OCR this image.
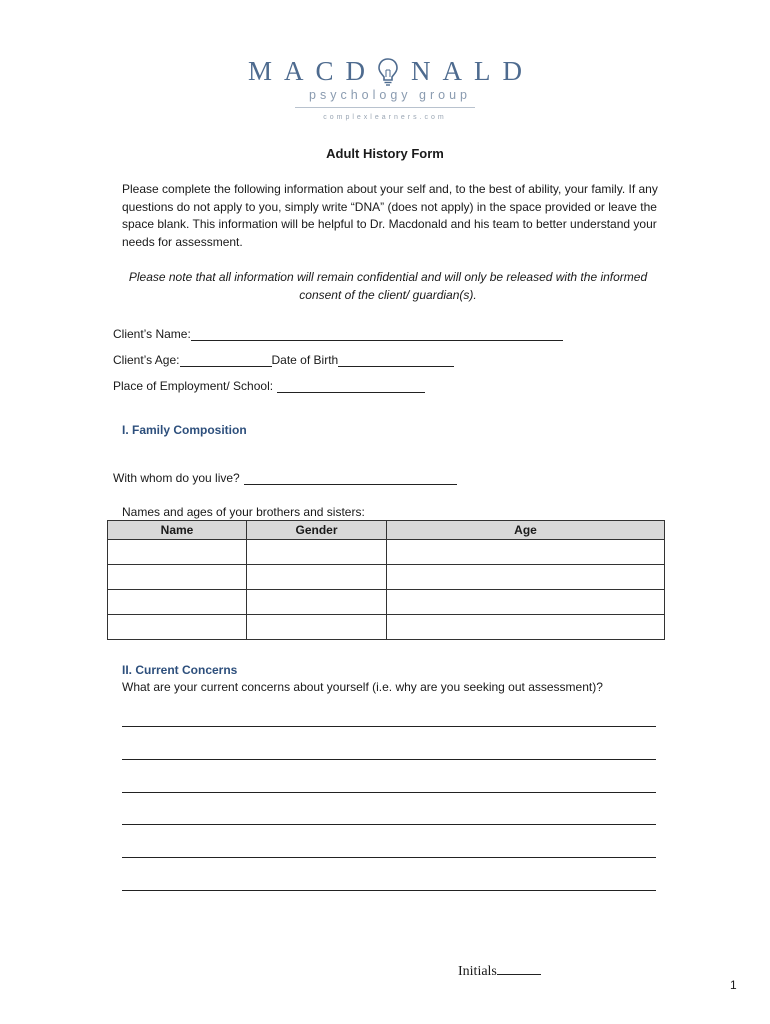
MACD NALD
psychology group
complexlearners.com
Adult History Form
Please complete the following information about your self and, to the best of ability, your family. If any questions do not apply to you, simply write “DNA” (does not apply) in the space provided or leave the space blank. This information will be helpful to Dr. Macdonald and his team to better understand your needs for assessment.
Please note that all information will remain confidential and will only be released with the informed consent of the client/ guardian(s).
Client’s Name:
Client’s Age:	Date of Birth
Place of Employment/ School:
I. Family Composition
With whom do you live?
Names and ages of your brothers and sisters:
Name	Gender	Age

II. Current Concerns
What are your current concerns about yourself (i.e. why are you seeking out assessment)?
Initials
1
